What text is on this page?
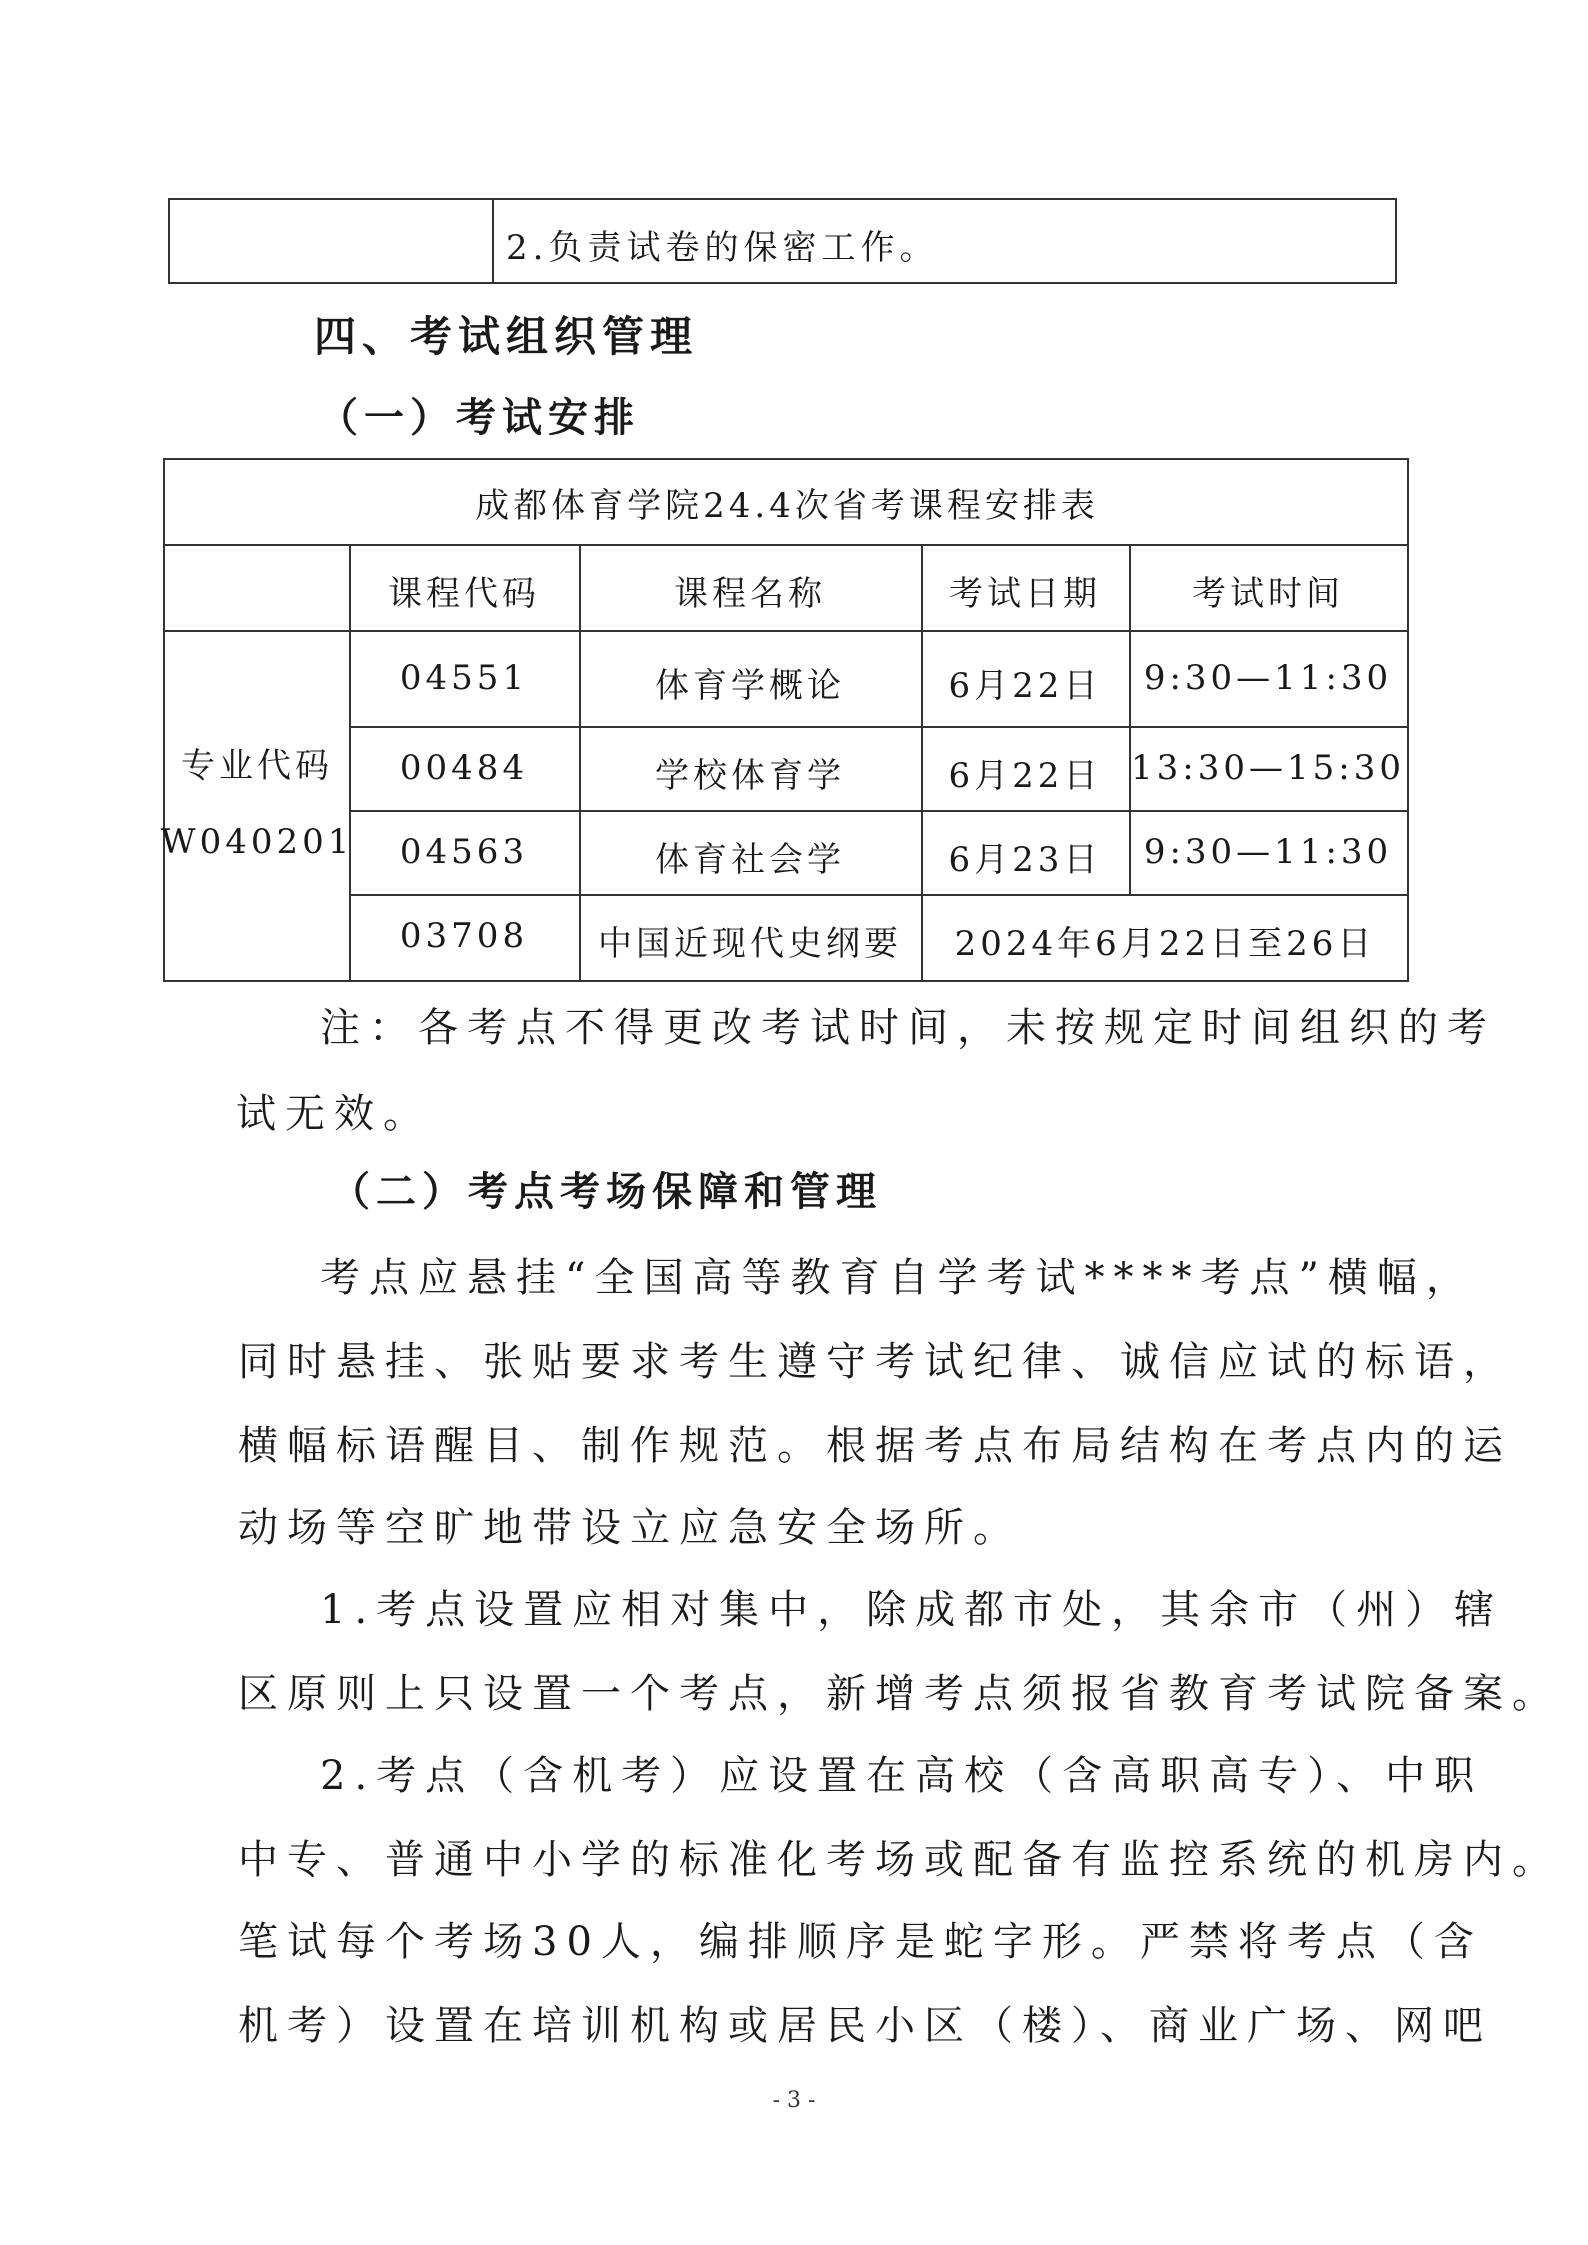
2.负责试卷的保密工作。
四、考试组织管理
（一）考试安排
成都体育学院24.4次省考课程安排表
课程代码	课程名称	考试日期	考试时间
专业代码
W040201
04551	体育学概论	6月22日 9:30—11:30
00484	学校体育学	6月22日 13:30—15:30
04563	体育社会学	6月23日 9:30—11:30
03708 中国近现代史纲要 2024年6月22日至26日
注：各考点不得更改考试时间，未按规定时间组织的考
试无效。
（二）考点考场保障和管理
考点应悬挂“全国高等教育自学考试****考点”横幅，
同时悬挂、张贴要求考生遵守考试纪律、诚信应试的标语，
横幅标语醒目、制作规范。根据考点布局结构在考点内的运
动场等空旷地带设立应急安全场所。
1.考点设置应相对集中，除成都市处，其余市（州）辖
区原则上只设置一个考点，新增考点须报省教育考试院备案。
2.考点（含机考）应设置在高校（含高职高专）、中职
中专、普通中小学的标准化考场或配备有监控系统的机房内。
笔试每个考场30人，编排顺序是蛇字形。严禁将考点（含
机考）设置在培训机构或居民小区（楼）、商业广场、网吧
- 3 -
